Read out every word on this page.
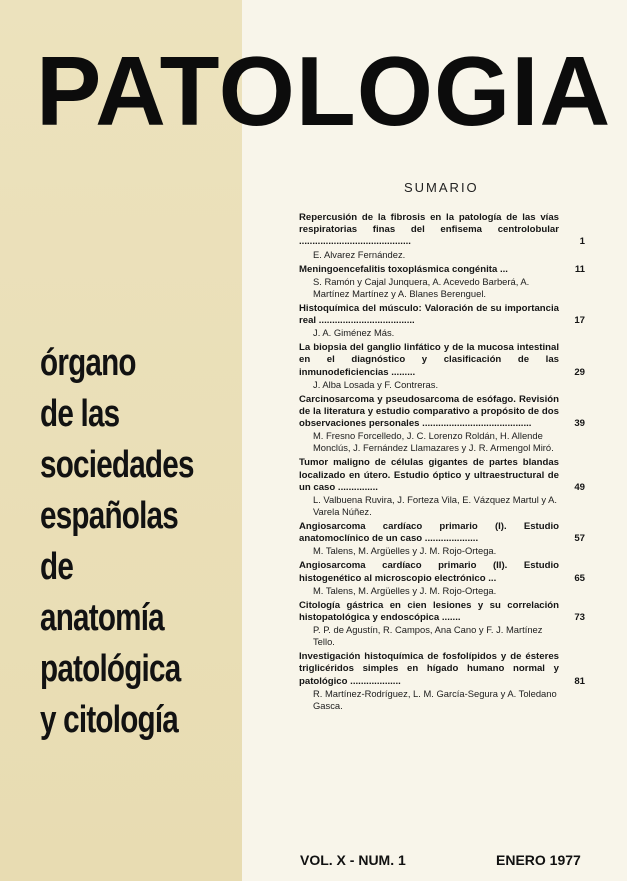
PATOLOGIA
órgano
de las
sociedades
españolas
de
anatomía
patológica
y citología
SUMARIO
Repercusión de la fibrosis en la patología de las vías respiratorias finas del enfisema centrolobular ..........................................	1
E. Alvarez Fernández.
Meningoencefalitis toxoplásmica congénita ...	11
S. Ramón y Cajal Junquera, A. Acevedo Barberá, A. Martínez Martínez y A. Blanes Berenguel.
Histoquímica del músculo: Valoración de su importancia real ....................................	17
J. A. Giménez Más.
La biopsia del ganglio linfático y de la mucosa intestinal en el diagnóstico y clasificación de las inmunodeficiencias .........	29
J. Alba Losada y F. Contreras.
Carcinosarcoma y pseudosarcoma de esófago. Revisión de la literatura y estudio comparativo a propósito de dos observaciones personales .........................................	39
M. Fresno Forcelledo, J. C. Lorenzo Roldán, H. Allende Monclús, J. Fernández Llamazares y J. R. Armengol Miró.
Tumor maligno de células gigantes de partes blandas localizado en útero. Estudio óptico y ultraestructural de un caso ...............	49
L. Valbuena Ruvira, J. Forteza Vila, E. Vázquez Martul y A. Varela Núñez.
Angiosarcoma cardíaco primario (I). Estudio anatomoclínico de un caso ....................	57
M. Talens, M. Argüelles y J. M. Rojo-Ortega.
Angiosarcoma cardíaco primario (II). Estudio histogenético al microscopio electrónico ...	65
M. Talens, M. Argüelles y J. M. Rojo-Ortega.
Citología gástrica en cien lesiones y su correlación histopatológica y endoscópica .......	73
P. P. de Agustín, R. Campos, Ana Cano y F. J. Martínez Tello.
Investigación histoquímica de fosfolípidos y de ésteres triglicéridos simples en hígado humano normal y patológico ...................	81
R. Martínez-Rodríguez, L. M. García-Segura y A. Toledano Gasca.
VOL. X - NUM. 1	ENERO 1977
